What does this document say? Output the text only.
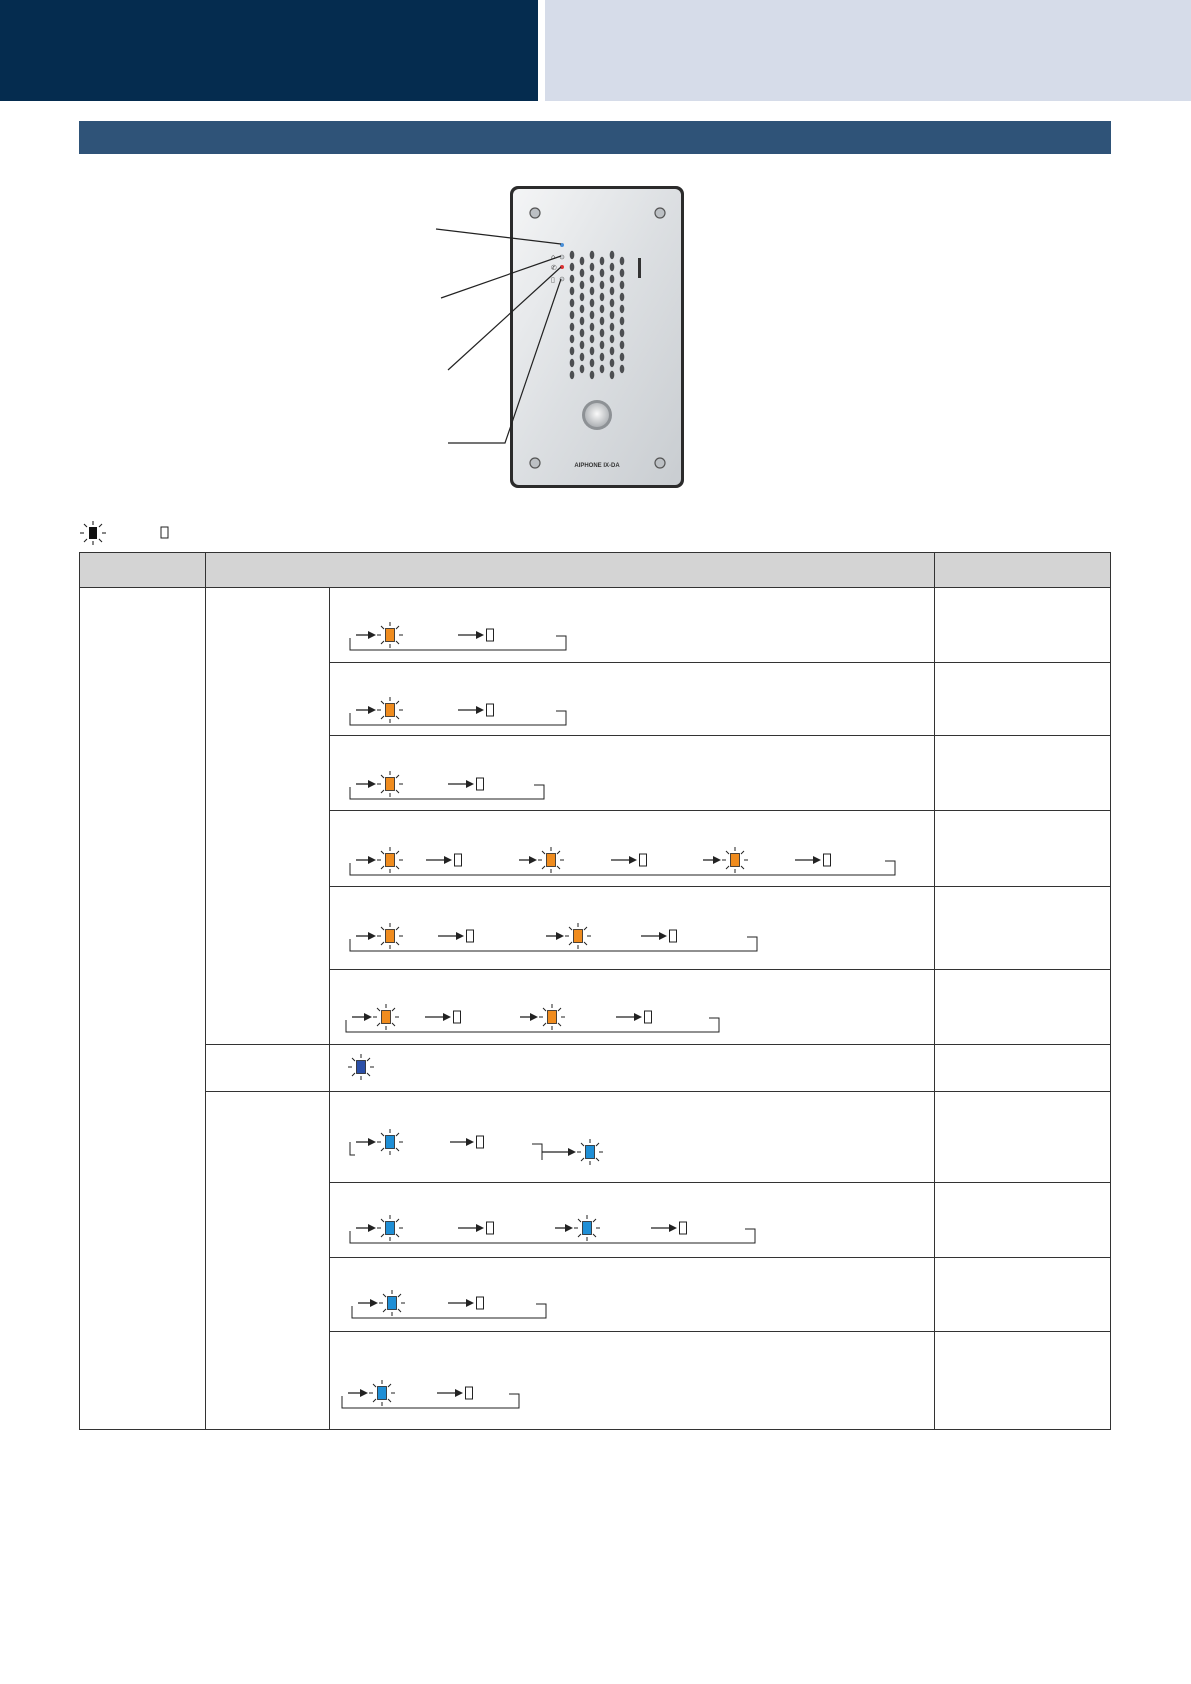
⌂
✆
▯
AIPHONE IX-DA
